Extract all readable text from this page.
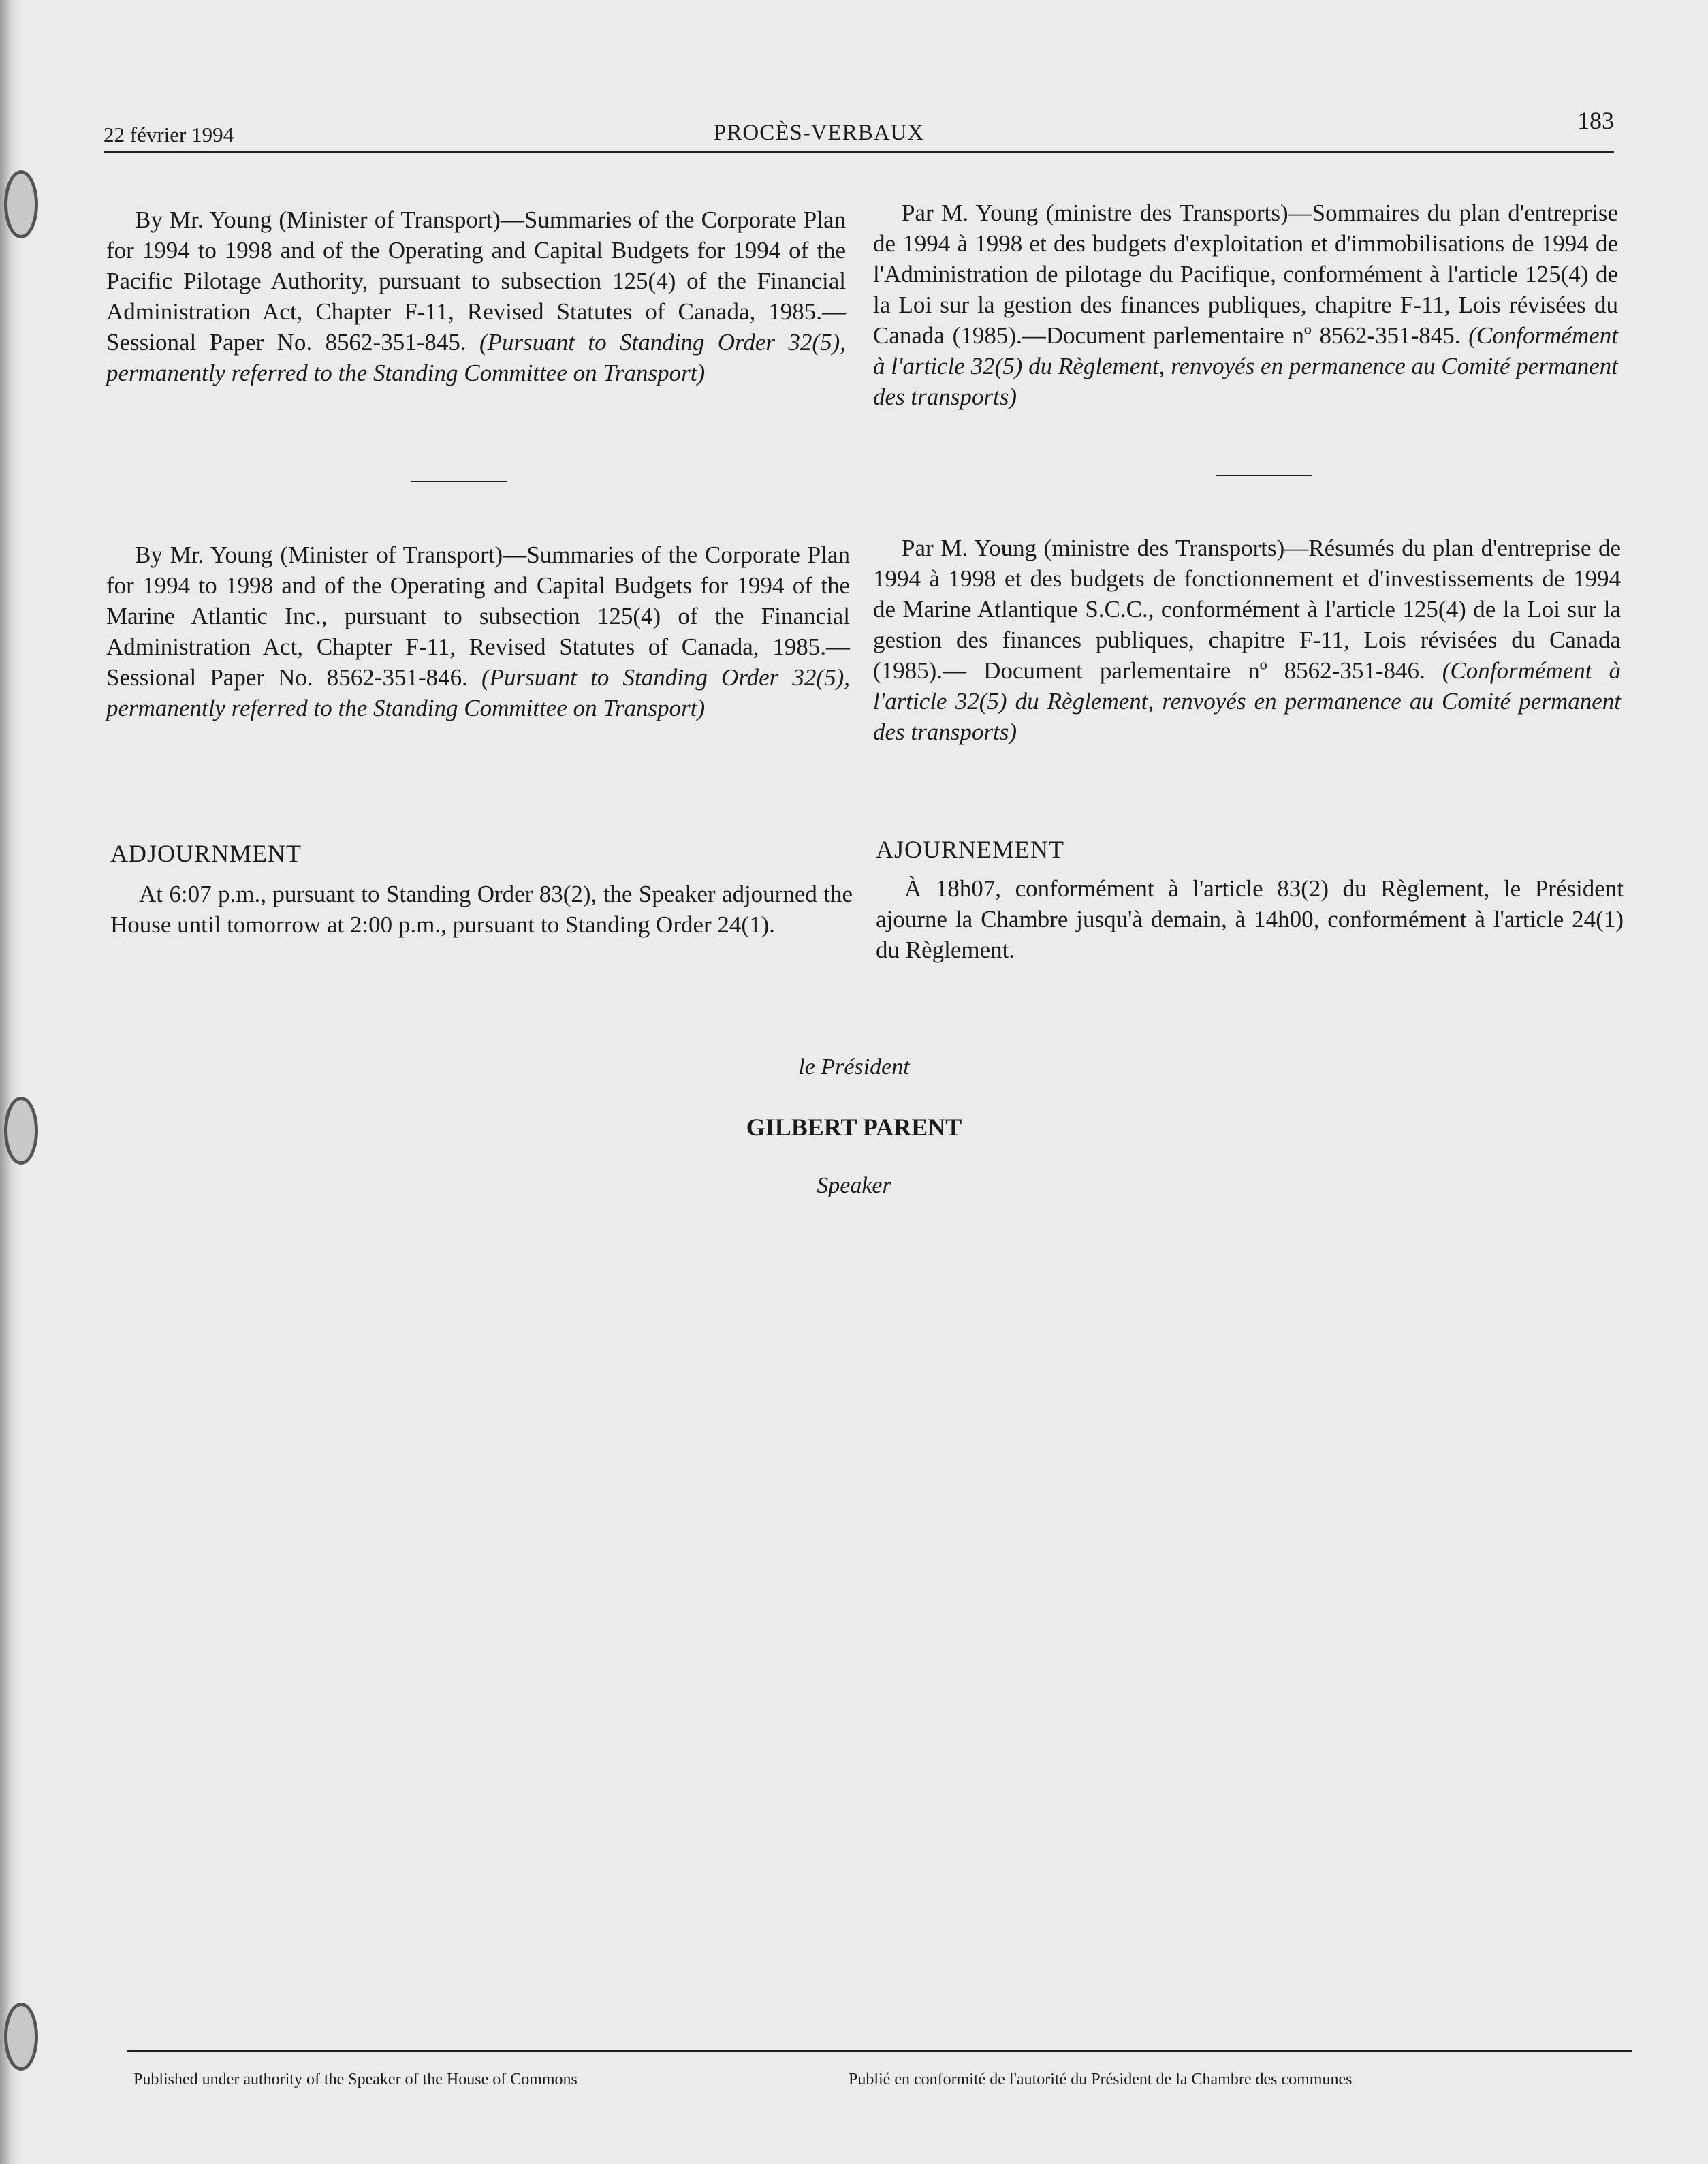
22 février 1994	PROCÈS-VERBAUX	183

By Mr. Young (Minister of Transport)—Summaries of the Corporate Plan for 1994 to 1998 and of the Operating and Capital Budgets for 1994 of the Pacific Pilotage Authority, pursuant to subsection 125(4) of the Financial Administration Act, Chapter F-11, Revised Statutes of Canada, 1985.—Sessional Paper No. 8562-351-845. (Pursuant to Standing Order 32(5), permanently referred to the Standing Committee on Transport)

Par M. Young (ministre des Transports)—Sommaires du plan d'entreprise de 1994 à 1998 et des budgets d'exploitation et d'immobilisations de 1994 de l'Administration de pilotage du Pacifique, conformément à l'article 125(4) de la Loi sur la gestion des finances publiques, chapitre F-11, Lois révisées du Canada (1985).—Document parlementaire nº 8562-351-845. (Conformément à l'article 32(5) du Règlement, renvoyés en permanence au Comité permanent des transports)

By Mr. Young (Minister of Transport)—Summaries of the Corporate Plan for 1994 to 1998 and of the Operating and Capital Budgets for 1994 of the Marine Atlantic Inc., pursuant to subsection 125(4) of the Financial Administration Act, Chapter F-11, Revised Statutes of Canada, 1985.—Sessional Paper No. 8562-351-846. (Pursuant to Standing Order 32(5), permanently referred to the Standing Committee on Transport)

Par M. Young (ministre des Transports)—Résumés du plan d'entreprise de 1994 à 1998 et des budgets de fonctionnement et d'investissements de 1994 de Marine Atlantique S.C.C., conformément à l'article 125(4) de la Loi sur la gestion des finances publiques, chapitre F-11, Lois révisées du Canada (1985).— Document parlementaire nº 8562-351-846. (Conformément à l'article 32(5) du Règlement, renvoyés en permanence au Comité permanent des transports)

ADJOURNMENT	AJOURNEMENT

At 6:07 p.m., pursuant to Standing Order 83(2), the Speaker adjourned the House until tomorrow at 2:00 p.m., pursuant to Standing Order 24(1).

À 18h07, conformément à l'article 83(2) du Règlement, le Président ajourne la Chambre jusqu'à demain, à 14h00, conformément à l'article 24(1) du Règlement.

le Président
GILBERT PARENT
Speaker
Published under authority of the Speaker of the House of Commons	Publié en conformité de l'autorité du Président de la Chambre des communes
